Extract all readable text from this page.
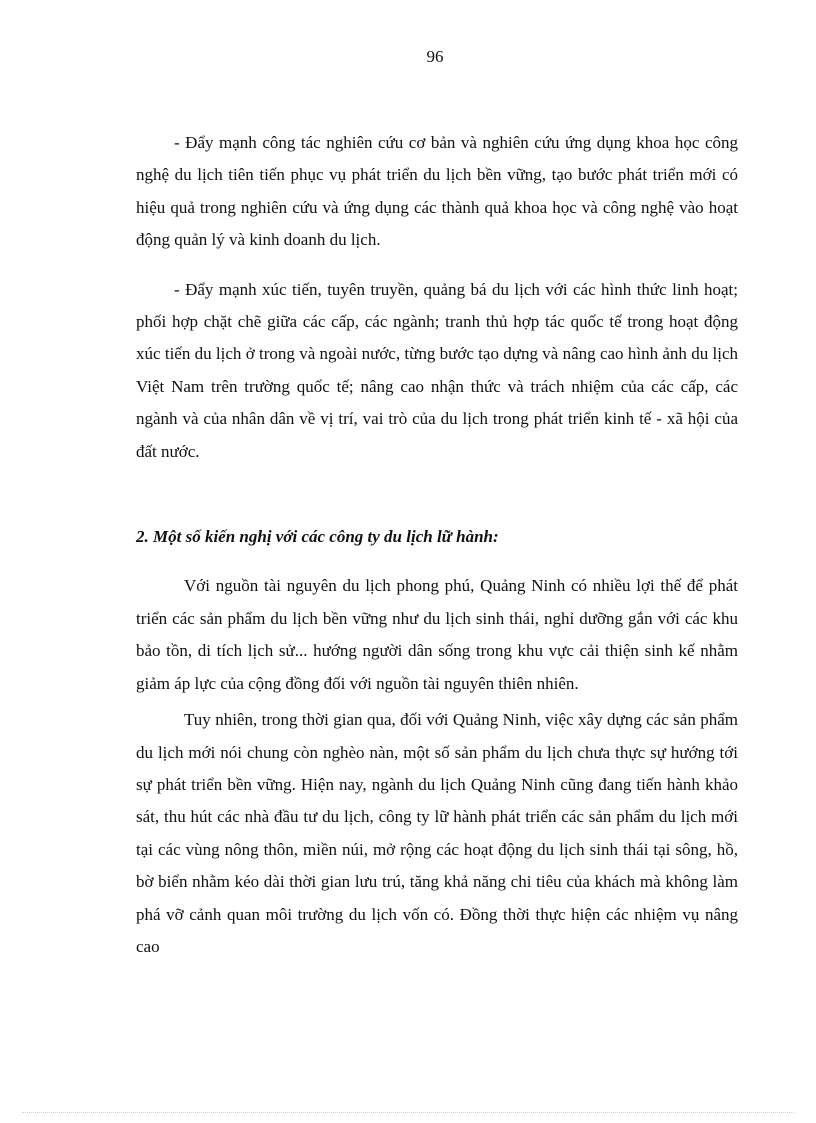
96

- Đẩy mạnh công tác nghiên cứu cơ bản và nghiên cứu ứng dụng khoa học công nghệ du lịch tiên tiến phục vụ phát triển du lịch bền vững, tạo bước phát triển mới có hiệu quả trong nghiên cứu và ứng dụng các thành quả khoa học và công nghệ vào hoạt động quản lý và kinh doanh du lịch.

- Đẩy mạnh xúc tiến, tuyên truyền, quảng bá du lịch với các hình thức linh hoạt; phối hợp chặt chẽ giữa các cấp, các ngành; tranh thủ hợp tác quốc tế trong hoạt động xúc tiến du lịch ở trong và ngoài nước, từng bước tạo dựng và nâng cao hình ảnh du lịch Việt Nam trên trường quốc tế; nâng cao nhận thức và trách nhiệm của các cấp, các ngành và của nhân dân về vị trí, vai trò của du lịch trong phát triển kinh tế - xã hội của đất nước.

2. Một số kiến nghị với các công ty du lịch lữ hành:

Với nguồn tài nguyên du lịch phong phú, Quảng Ninh có nhiều lợi thế để phát triển các sản phẩm du lịch bền vững như du lịch sinh thái, nghỉ dưỡng gắn với các khu bảo tồn, di tích lịch sử... hướng người dân sống trong khu vực cải thiện sinh kế nhằm giảm áp lực của cộng đồng đối với nguồn tài nguyên thiên nhiên.

Tuy nhiên, trong thời gian qua, đối với Quảng Ninh, việc xây dựng các sản phẩm du lịch mới nói chung còn nghèo nàn, một số sản phẩm du lịch chưa thực sự hướng tới sự phát triển bền vững. Hiện nay, ngành du lịch Quảng Ninh cũng đang tiến hành khảo sát, thu hút các nhà đầu tư du lịch, công ty lữ hành phát triển các sản phẩm du lịch mới tại các vùng nông thôn, miền núi, mở rộng các hoạt động du lịch sinh thái tại sông, hồ, bờ biển nhằm kéo dài thời gian lưu trú, tăng khả năng chi tiêu của khách mà không làm phá vỡ cảnh quan môi trường du lịch vốn có. Đồng thời thực hiện các nhiệm vụ nâng cao
